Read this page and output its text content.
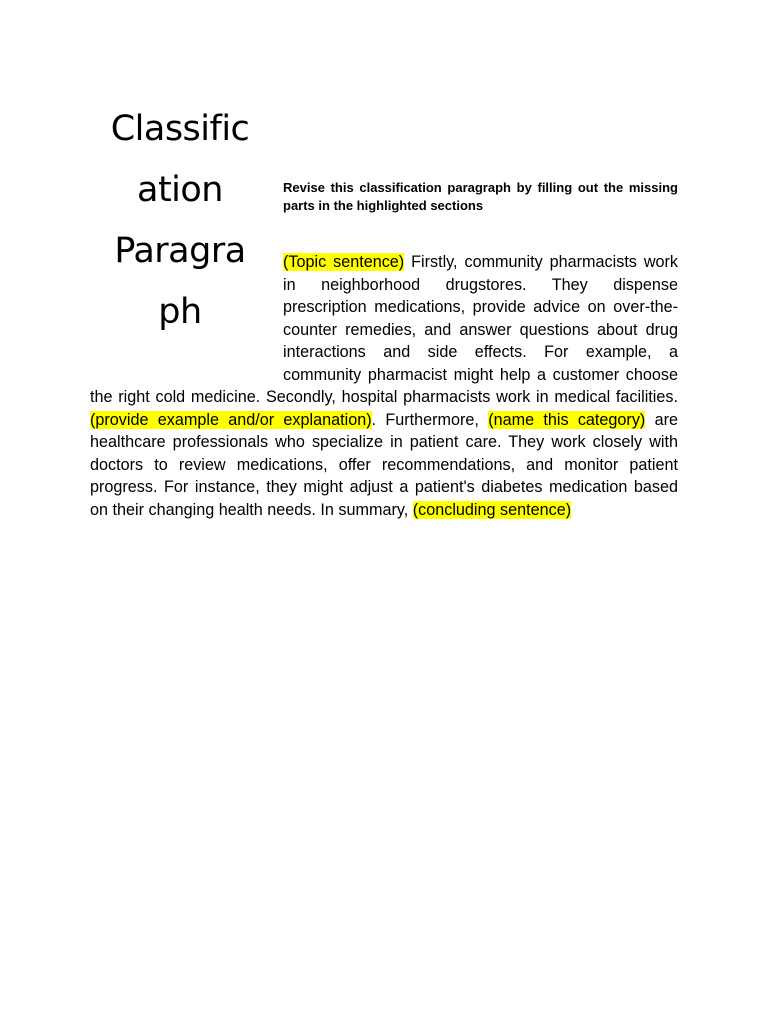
Classific
ation
Paragra
ph

Revise this classification paragraph by filling out the missing parts in the highlighted sections

(Topic sentence) Firstly, community pharmacists work in neighborhood drugstores. They dispense prescription medications, provide advice on over-the-counter remedies, and answer questions about drug interactions and side effects. For example, a community pharmacist might help a customer choose the right cold medicine. Secondly, hospital pharmacists work in medical facilities. (provide example and/or explanation). Furthermore, (name this category) are healthcare professionals who specialize in patient care. They work closely with doctors to review medications, offer recommendations, and monitor patient progress. For instance, they might adjust a patient's diabetes medication based on their changing health needs. In summary, (concluding sentence)
